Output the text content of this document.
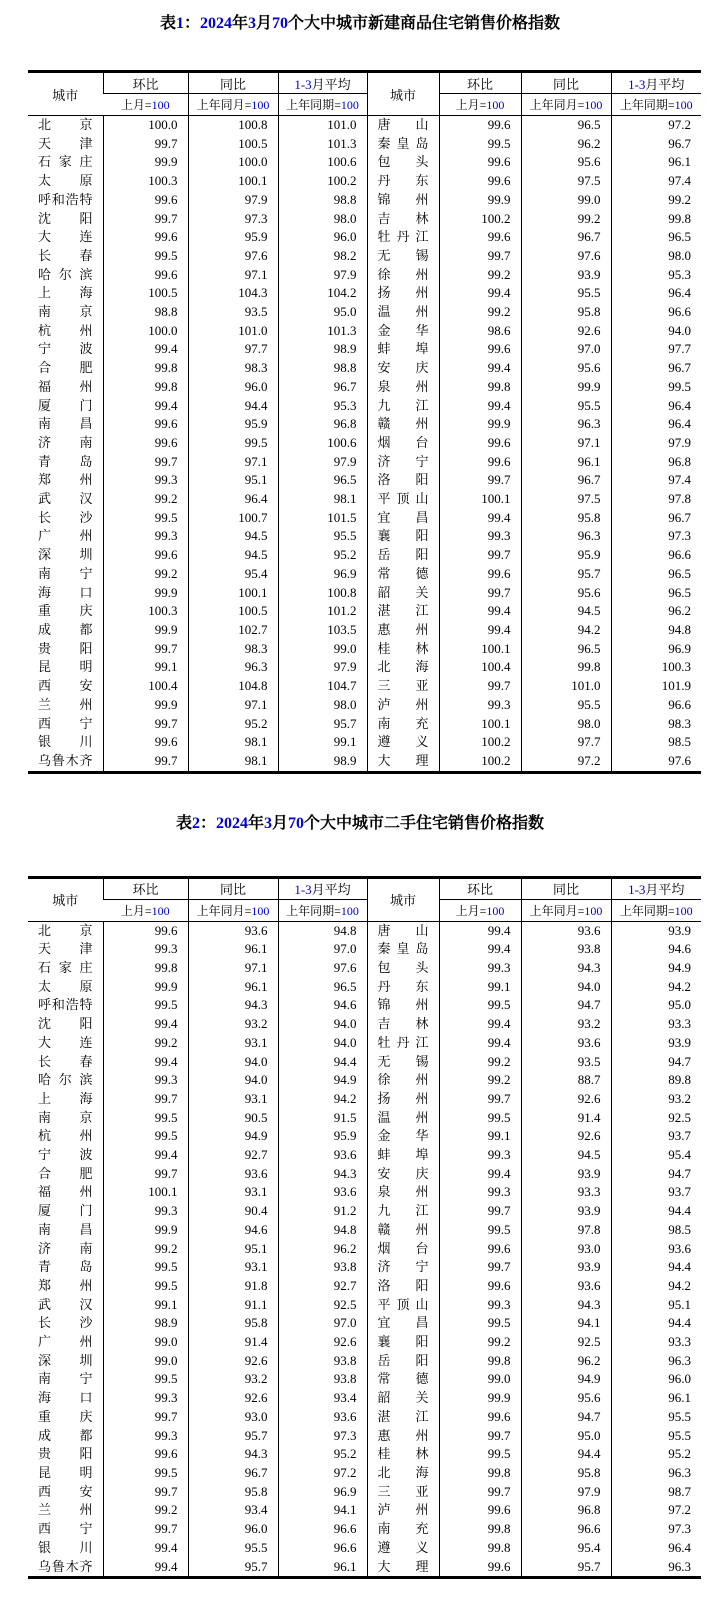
表1：2024年3月70个大中城市新建商品住宅销售价格指数
城市	环比	同比	1-3月平均	城市	环比	同比	1-3月平均
	上月=100	上年同月=100	上年同期=100		上月=100	上年同月=100	上年同期=100
北京	100.0	100.8	101.0	唐山	99.6	96.5	97.2
天津	99.7	100.5	101.3	秦皇岛	99.5	96.2	96.7
石家庄	99.9	100.0	100.6	包头	99.6	95.6	96.1
太原	100.3	100.1	100.2	丹东	99.6	97.5	97.4
呼和浩特	99.6	97.9	98.8	锦州	99.9	99.0	99.2
沈阳	99.7	97.3	98.0	吉林	100.2	99.2	99.8
大连	99.6	95.9	96.0	牡丹江	99.6	96.7	96.5
长春	99.5	97.6	98.2	无锡	99.7	97.6	98.0
哈尔滨	99.6	97.1	97.9	徐州	99.2	93.9	95.3
上海	100.5	104.3	104.2	扬州	99.4	95.5	96.4
南京	98.8	93.5	95.0	温州	99.2	95.8	96.6
杭州	100.0	101.0	101.3	金华	98.6	92.6	94.0
宁波	99.4	97.7	98.9	蚌埠	99.6	97.0	97.7
合肥	99.8	98.3	98.8	安庆	99.4	95.6	96.7
福州	99.8	96.0	96.7	泉州	99.8	99.9	99.5
厦门	99.4	94.4	95.3	九江	99.4	95.5	96.4
南昌	99.6	95.9	96.8	赣州	99.9	96.3	96.4
济南	99.6	99.5	100.6	烟台	99.6	97.1	97.9
青岛	99.7	97.1	97.9	济宁	99.6	96.1	96.8
郑州	99.3	95.1	96.5	洛阳	99.7	96.7	97.4
武汉	99.2	96.4	98.1	平顶山	100.1	97.5	97.8
长沙	99.5	100.7	101.5	宜昌	99.4	95.8	96.7
广州	99.3	94.5	95.5	襄阳	99.3	96.3	97.3
深圳	99.6	94.5	95.2	岳阳	99.7	95.9	96.6
南宁	99.2	95.4	96.9	常德	99.6	95.7	96.5
海口	99.9	100.1	100.8	韶关	99.7	95.6	96.5
重庆	100.3	100.5	101.2	湛江	99.4	94.5	96.2
成都	99.9	102.7	103.5	惠州	99.4	94.2	94.8
贵阳	99.7	98.3	99.0	桂林	100.1	96.5	96.9
昆明	99.1	96.3	97.9	北海	100.4	99.8	100.3
西安	100.4	104.8	104.7	三亚	99.7	101.0	101.9
兰州	99.9	97.1	98.0	泸州	99.3	95.5	96.6
西宁	99.7	95.2	95.7	南充	100.1	98.0	98.3
银川	99.6	98.1	99.1	遵义	100.2	97.7	98.5
乌鲁木齐	99.7	98.1	98.9	大理	100.2	97.2	97.6
表2：2024年3月70个大中城市二手住宅销售价格指数
城市	环比	同比	1-3月平均	城市	环比	同比	1-3月平均
	上月=100	上年同月=100	上年同期=100		上月=100	上年同月=100	上年同期=100
北京	99.6	93.6	94.8	唐山	99.4	93.6	93.9
天津	99.3	96.1	97.0	秦皇岛	99.4	93.8	94.6
石家庄	99.8	97.1	97.6	包头	99.3	94.3	94.9
太原	99.9	96.1	96.5	丹东	99.1	94.0	94.2
呼和浩特	99.5	94.3	94.6	锦州	99.5	94.7	95.0
沈阳	99.4	93.2	94.0	吉林	99.4	93.2	93.3
大连	99.2	93.1	94.0	牡丹江	99.4	93.6	93.9
长春	99.4	94.0	94.4	无锡	99.2	93.5	94.7
哈尔滨	99.3	94.0	94.9	徐州	99.2	88.7	89.8
上海	99.7	93.1	94.2	扬州	99.7	92.6	93.2
南京	99.5	90.5	91.5	温州	99.5	91.4	92.5
杭州	99.5	94.9	95.9	金华	99.1	92.6	93.7
宁波	99.4	92.7	93.6	蚌埠	99.3	94.5	95.4
合肥	99.7	93.6	94.3	安庆	99.4	93.9	94.7
福州	100.1	93.1	93.6	泉州	99.3	93.3	93.7
厦门	99.3	90.4	91.2	九江	99.7	93.9	94.4
南昌	99.9	94.6	94.8	赣州	99.5	97.8	98.5
济南	99.2	95.1	96.2	烟台	99.6	93.0	93.6
青岛	99.5	93.1	93.8	济宁	99.7	93.9	94.4
郑州	99.5	91.8	92.7	洛阳	99.6	93.6	94.2
武汉	99.1	91.1	92.5	平顶山	99.3	94.3	95.1
长沙	98.9	95.8	97.0	宜昌	99.5	94.1	94.4
广州	99.0	91.4	92.6	襄阳	99.2	92.5	93.3
深圳	99.0	92.6	93.8	岳阳	99.8	96.2	96.3
南宁	99.5	93.2	93.8	常德	99.0	94.9	96.0
海口	99.3	92.6	93.4	韶关	99.9	95.6	96.1
重庆	99.7	93.0	93.6	湛江	99.6	94.7	95.5
成都	99.3	95.7	97.3	惠州	99.7	95.0	95.5
贵阳	99.6	94.3	95.2	桂林	99.5	94.4	95.2
昆明	99.5	96.7	97.2	北海	99.8	95.8	96.3
西安	99.7	95.8	96.9	三亚	99.7	97.9	98.7
兰州	99.2	93.4	94.1	泸州	99.6	96.8	97.2
西宁	99.7	96.0	96.6	南充	99.8	96.6	97.3
银川	99.4	95.5	96.6	遵义	99.8	95.4	96.4
乌鲁木齐	99.4	95.7	96.1	大理	99.6	95.7	96.3
